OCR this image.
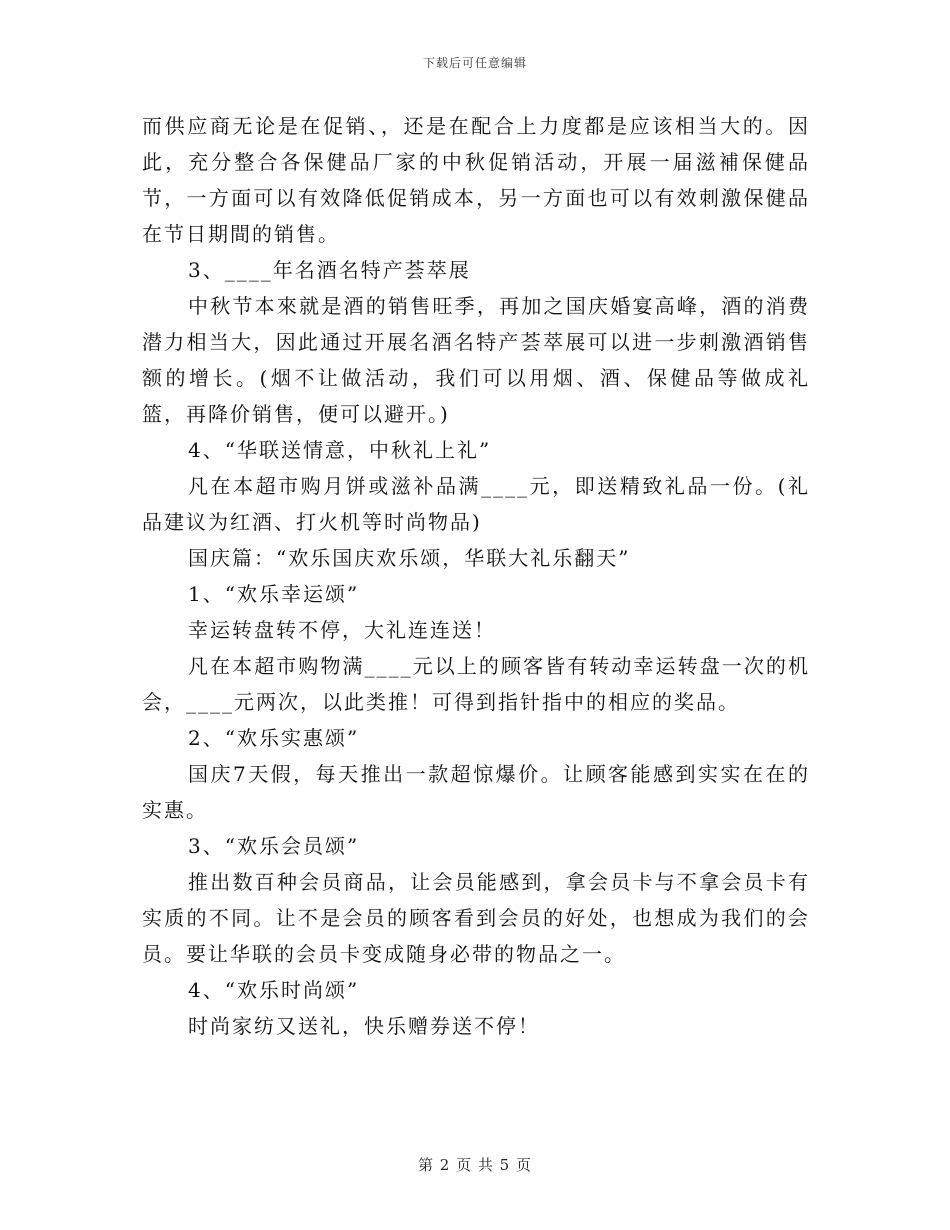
下载后可任意编辑

而供应商无论是在促销、，还是在配合上力度都是应该相当大的。因此，充分整合各保健品厂家的中秋促销活动，开展一届滋補保健品节，一方面可以有效降低促销成本，另一方面也可以有效刺激保健品在节日期間的销售。

3、____年名酒名特产荟萃展

中秋节本來就是酒的销售旺季，再加之国庆婚宴高峰，酒的消费潜力相当大，因此通过开展名酒名特产荟萃展可以进一步刺激酒销售额的增长。(烟不让做活动，我们可以用烟、酒、保健品等做成礼篮，再降价销售，便可以避开。)

4、“华联送情意，中秋礼上礼”

凡在本超市购月饼或滋补品满____元，即送精致礼品一份。(礼品建议为红酒、打火机等时尚物品)

国庆篇：“欢乐国庆欢乐颂，华联大礼乐翻天”

1、“欢乐幸运颂”

幸运转盘转不停，大礼连连送！

凡在本超市购物满____元以上的顾客皆有转动幸运转盘一次的机会，____元两次，以此类推！可得到指针指中的相应的奖品。

2、“欢乐实惠颂”

国庆7天假，每天推出一款超惊爆价。让顾客能感到实实在在的实惠。

3、“欢乐会员颂”

推出数百种会员商品，让会员能感到，拿会员卡与不拿会员卡有实质的不同。让不是会员的顾客看到会员的好处，也想成为我们的会员。要让华联的会员卡变成随身必带的物品之一。

4、“欢乐时尚颂”

时尚家纺又送礼，快乐赠券送不停！

第 2 页 共 5 页
